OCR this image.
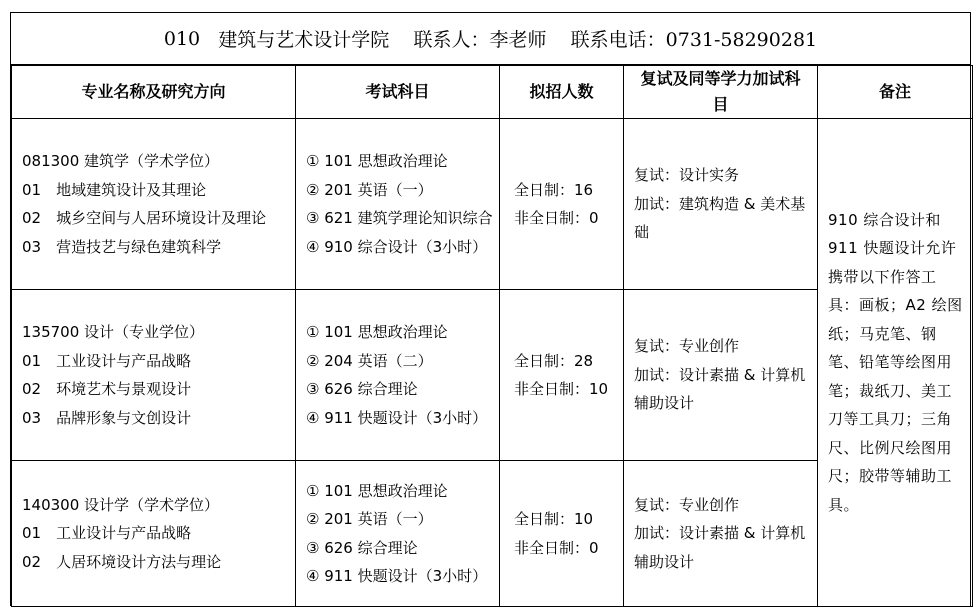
010
建筑与艺术设计学院
联系人：李老师
联系电话：0731-58290281
专业名称及研究方向	考试科目	拟招人数	复试及同等学力加试科目	备注

081300 建筑学（学术学位）
01　地域建筑设计及其理论
02　城乡空间与人居环境设计及理论
03　营造技艺与绿色建筑科学	① 101 思想政治理论
② 201 英语（一）
③ 621 建筑学理论知识综合
④ 910 综合设计（3小时）	全日制：16
非全日制：0	复试：设计实务
加试：建筑构造 & 美术基础	910 综合设计和 911 快题设计允许携带以下作答工具：画板；A2 绘图纸；马克笔、钢笔、铅笔等绘图用笔；裁纸刀、美工刀等工具刀；三角尺、比例尺绘图用尺；胶带等辅助工具。

135700 设计（专业学位）
01　工业设计与产品战略
02　环境艺术与景观设计
03　品牌形象与文创设计	① 101 思想政治理论
② 204 英语（二）
③ 626 综合理论
④ 911 快题设计（3小时）	全日制：28
非全日制：10	复试：专业创作
加试：设计素描 & 计算机辅助设计	

140300 设计学（学术学位）
01　工业设计与产品战略
02　人居环境设计方法与理论	① 101 思想政治理论
② 201 英语（一）
③ 626 综合理论
④ 911 快题设计（3小时）	全日制：10
非全日制：0	复试：专业创作
加试：设计素描 & 计算机辅助设计	
